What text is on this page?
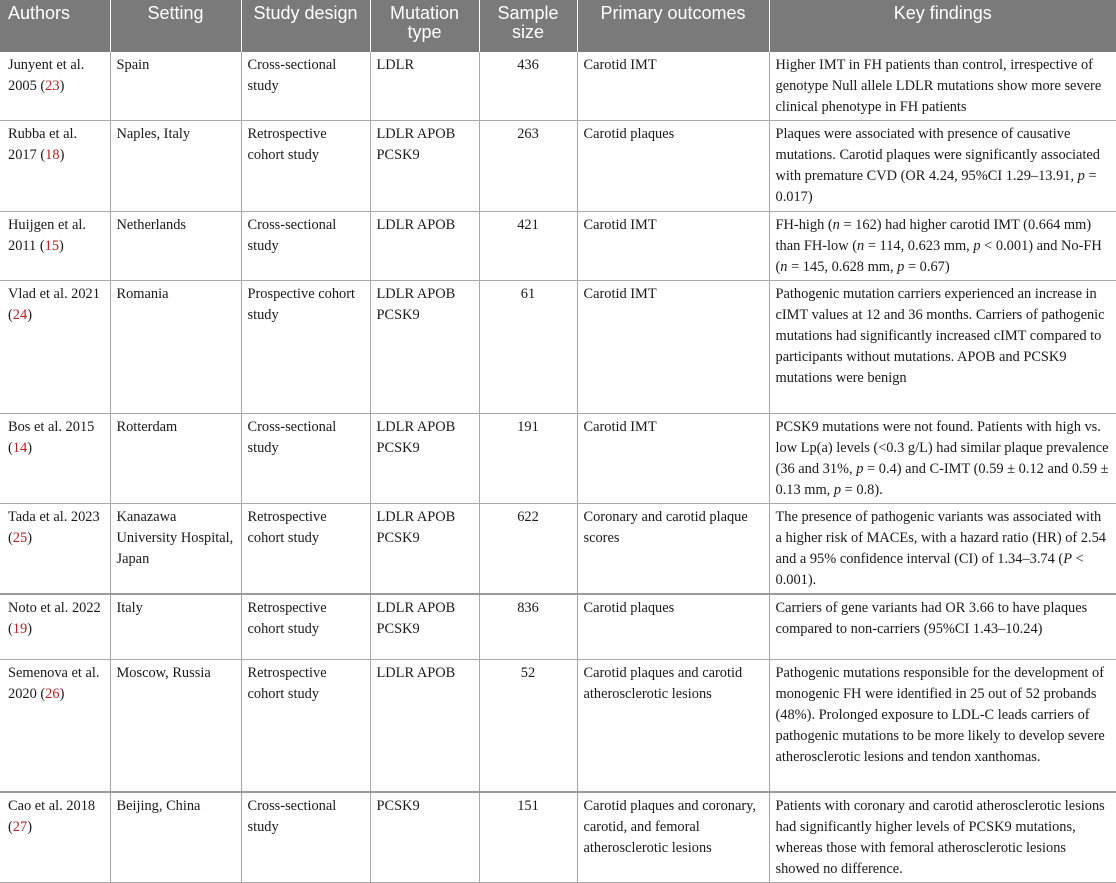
Authors	Setting	Study design	Mutation type	Sample size	Primary outcomes	Key findings
Junyent et al. 2005 (23)	Spain	Cross-sectional study	LDLR	436	Carotid IMT	Higher IMT in FH patients than control, irrespective of genotype Null allele LDLR mutations show more severe clinical phenotype in FH patients
Rubba et al. 2017 (18)	Naples, Italy	Retrospective cohort study	LDLR APOB PCSK9	263	Carotid plaques	Plaques were associated with presence of causative mutations. Carotid plaques were significantly associated with premature CVD (OR 4.24, 95%CI 1.29–13.91, p = 0.017)
Huijgen et al. 2011 (15)	Netherlands	Cross-sectional study	LDLR APOB	421	Carotid IMT	FH-high (n = 162) had higher carotid IMT (0.664 mm) than FH-low (n = 114, 0.623 mm, p < 0.001) and No-FH (n = 145, 0.628 mm, p = 0.67)
Vlad et al. 2021 (24)	Romania	Prospective cohort study	LDLR APOB PCSK9	61	Carotid IMT	Pathogenic mutation carriers experienced an increase in cIMT values at 12 and 36 months. Carriers of pathogenic mutations had significantly increased cIMT compared to participants without mutations. APOB and PCSK9 mutations were benign
Bos et al. 2015 (14)	Rotterdam	Cross-sectional study	LDLR APOB PCSK9	191	Carotid IMT	PCSK9 mutations were not found. Patients with high vs. low Lp(a) levels (<0.3 g/L) had similar plaque prevalence (36 and 31%, p = 0.4) and C-IMT (0.59 ± 0.12 and 0.59 ± 0.13 mm, p = 0.8).
Tada et al. 2023 (25)	Kanazawa University Hospital, Japan	Retrospective cohort study	LDLR APOB PCSK9	622	Coronary and carotid plaque scores	The presence of pathogenic variants was associated with a higher risk of MACEs, with a hazard ratio (HR) of 2.54 and a 95% confidence interval (CI) of 1.34–3.74 (P < 0.001).
Noto et al. 2022 (19)	Italy	Retrospective cohort study	LDLR APOB PCSK9	836	Carotid plaques	Carriers of gene variants had OR 3.66 to have plaques compared to non-carriers (95%CI 1.43–10.24)
Semenova et al. 2020 (26)	Moscow, Russia	Retrospective cohort study	LDLR APOB	52	Carotid plaques and carotid atherosclerotic lesions	Pathogenic mutations responsible for the development of monogenic FH were identified in 25 out of 52 probands (48%). Prolonged exposure to LDL-C leads carriers of pathogenic mutations to be more likely to develop severe atherosclerotic lesions and tendon xanthomas.
Cao et al. 2018 (27)	Beijing, China	Cross-sectional study	PCSK9	151	Carotid plaques and coronary, carotid, and femoral atherosclerotic lesions	Patients with coronary and carotid atherosclerotic lesions had significantly higher levels of PCSK9 mutations, whereas those with femoral atherosclerotic lesions showed no difference.
